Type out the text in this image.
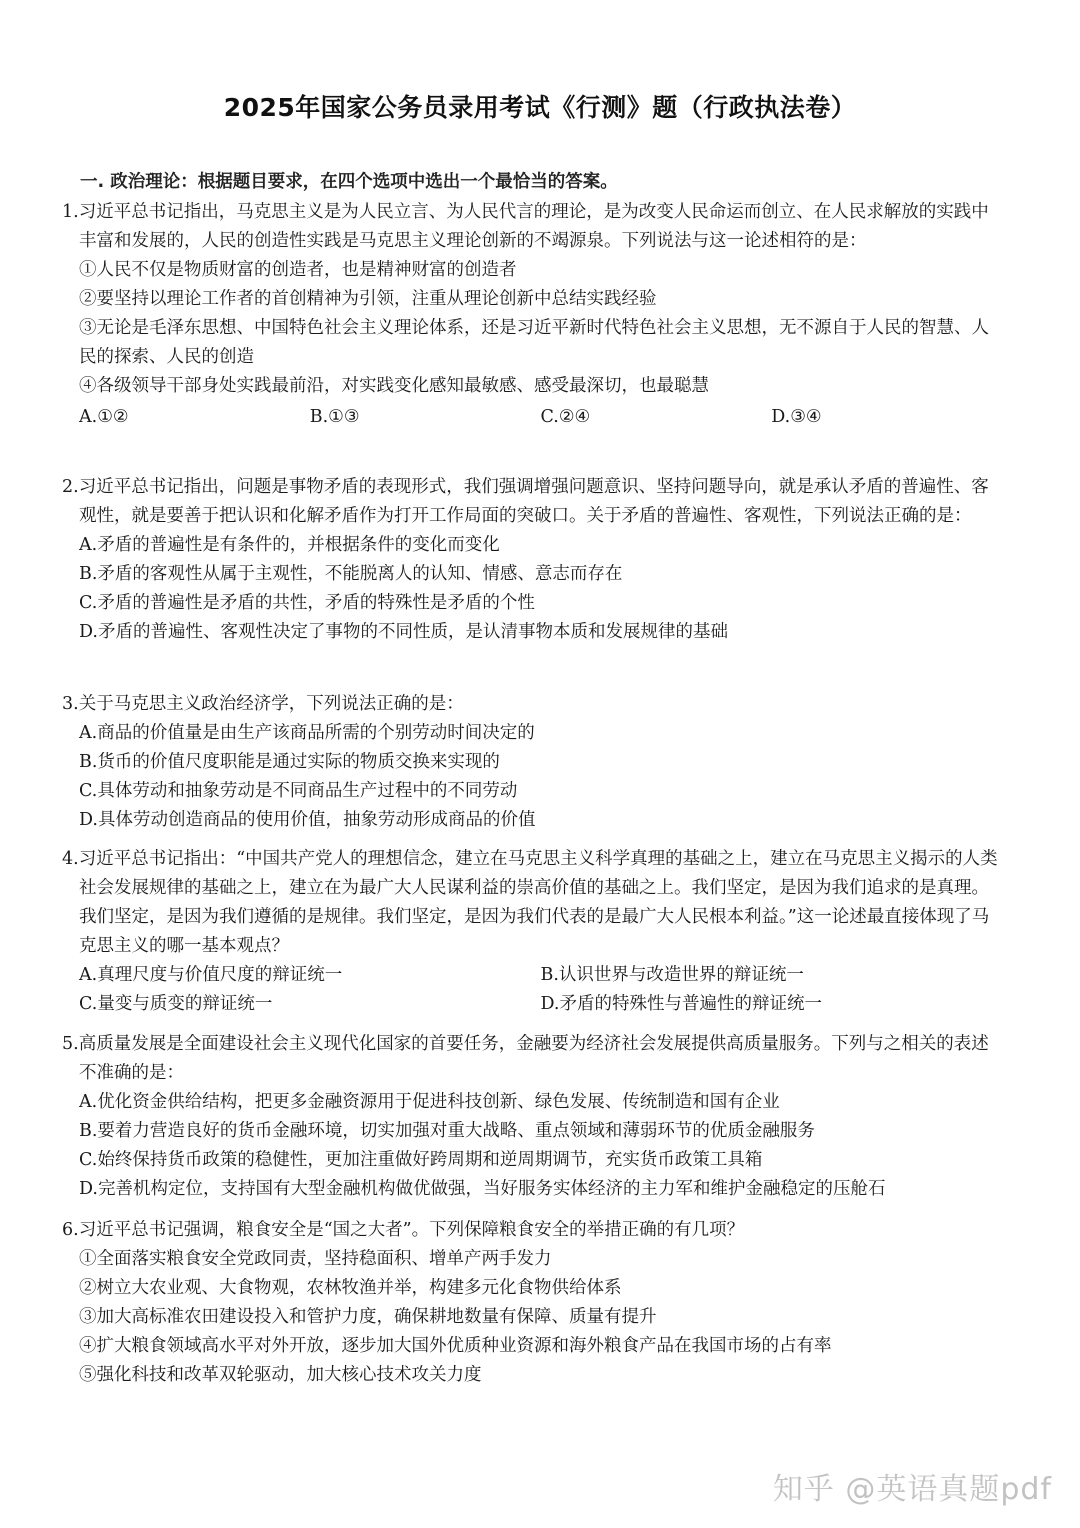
2025年国家公务员录用考试《行测》题（行政执法卷）
一. 政治理论：根据题目要求，在四个选项中选出一个最恰当的答案。
1.习近平总书记指出，马克思主义是为人民立言、为人民代言的理论，是为改变人民命运而创立、在人民求解放的实践中丰富和发展的，人民的创造性实践是马克思主义理论创新的不竭源泉。下列说法与这一论述相符的是：
①人民不仅是物质财富的创造者，也是精神财富的创造者
②要坚持以理论工作者的首创精神为引领，注重从理论创新中总结实践经验
③无论是毛泽东思想、中国特色社会主义理论体系，还是习近平新时代特色社会主义思想，无不源自于人民的智慧、人民的探索、人民的创造
④各级领导干部身处实践最前沿，对实践变化感知最敏感、感受最深切，也最聪慧
A.①②	B.①③	C.②④	D.③④
2.习近平总书记指出，问题是事物矛盾的表现形式，我们强调增强问题意识、坚持问题导向，就是承认矛盾的普遍性、客观性，就是要善于把认识和化解矛盾作为打开工作局面的突破口。关于矛盾的普遍性、客观性，下列说法正确的是：
A.矛盾的普遍性是有条件的，并根据条件的变化而变化
B.矛盾的客观性从属于主观性，不能脱离人的认知、情感、意志而存在
C.矛盾的普遍性是矛盾的共性，矛盾的特殊性是矛盾的个性
D.矛盾的普遍性、客观性决定了事物的不同性质，是认清事物本质和发展规律的基础
3.关于马克思主义政治经济学，下列说法正确的是：
A.商品的价值量是由生产该商品所需的个别劳动时间决定的
B.货币的价值尺度职能是通过实际的物质交换来实现的
C.具体劳动和抽象劳动是不同商品生产过程中的不同劳动
D.具体劳动创造商品的使用价值，抽象劳动形成商品的价值
4.习近平总书记指出：“中国共产党人的理想信念，建立在马克思主义科学真理的基础之上，建立在马克思主义揭示的人类社会发展规律的基础之上，建立在为最广大人民谋利益的崇高价值的基础之上。我们坚定，是因为我们追求的是真理。我们坚定，是因为我们遵循的是规律。我们坚定，是因为我们代表的是最广大人民根本利益。”这一论述最直接体现了马克思主义的哪一基本观点？
A.真理尺度与价值尺度的辩证统一	B.认识世界与改造世界的辩证统一
C.量变与质变的辩证统一	D.矛盾的特殊性与普遍性的辩证统一
5.高质量发展是全面建设社会主义现代化国家的首要任务，金融要为经济社会发展提供高质量服务。下列与之相关的表述不准确的是：
A.优化资金供给结构，把更多金融资源用于促进科技创新、绿色发展、传统制造和国有企业
B.要着力营造良好的货币金融环境，切实加强对重大战略、重点领域和薄弱环节的优质金融服务
C.始终保持货币政策的稳健性，更加注重做好跨周期和逆周期调节，充实货币政策工具箱
D.完善机构定位，支持国有大型金融机构做优做强，当好服务实体经济的主力军和维护金融稳定的压舱石
6.习近平总书记强调，粮食安全是“国之大者”。下列保障粮食安全的举措正确的有几项？
①全面落实粮食安全党政同责，坚持稳面积、增单产两手发力
②树立大农业观、大食物观，农林牧渔并举，构建多元化食物供给体系
③加大高标准农田建设投入和管护力度，确保耕地数量有保障、质量有提升
④扩大粮食领域高水平对外开放，逐步加大国外优质种业资源和海外粮食产品在我国市场的占有率
⑤强化科技和改革双轮驱动，加大核心技术攻关力度
知乎 @英语真题pdf
